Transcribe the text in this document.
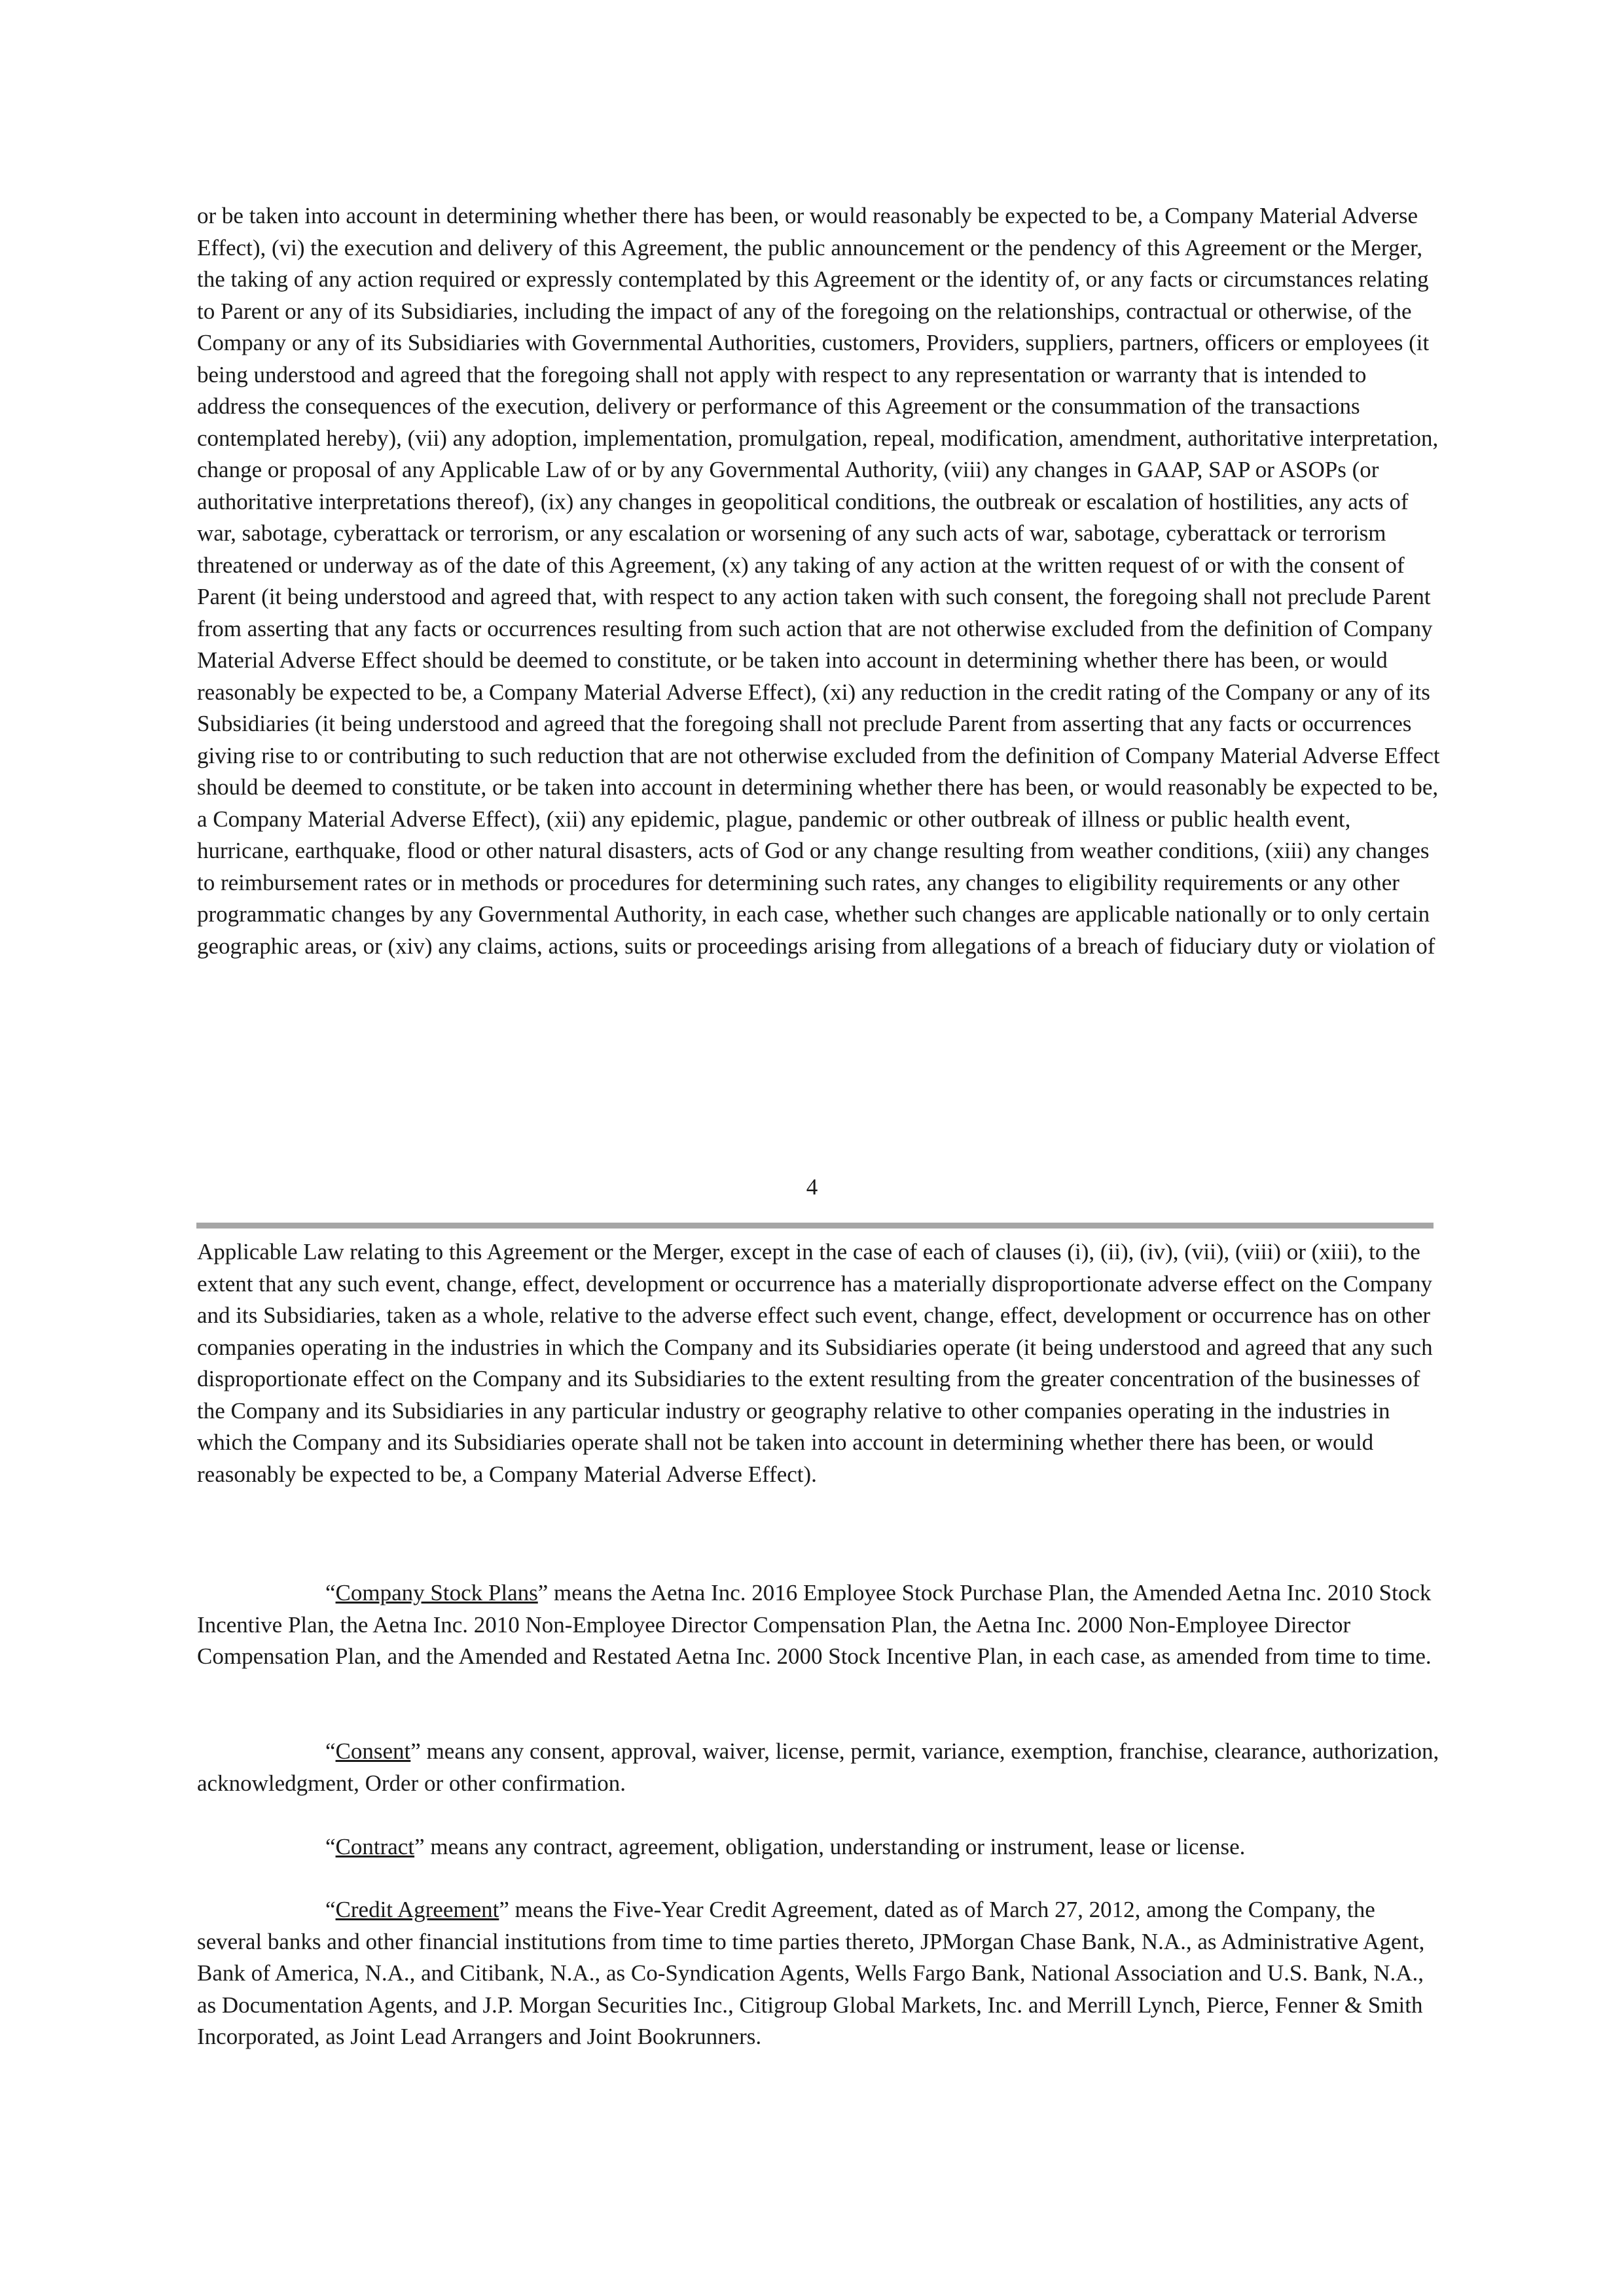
or be taken into account in determining whether there has been, or would reasonably be expected to be, a Company Material Adverse Effect), (vi) the execution and delivery of this Agreement, the public announcement or the pendency of this Agreement or the Merger, the taking of any action required or expressly contemplated by this Agreement or the identity of, or any facts or circumstances relating to Parent or any of its Subsidiaries, including the impact of any of the foregoing on the relationships, contractual or otherwise, of the Company or any of its Subsidiaries with Governmental Authorities, customers, Providers, suppliers, partners, officers or employees (it being understood and agreed that the foregoing shall not apply with respect to any representation or warranty that is intended to address the consequences of the execution, delivery or performance of this Agreement or the consummation of the transactions contemplated hereby), (vii) any adoption, implementation, promulgation, repeal, modification, amendment, authoritative interpretation, change or proposal of any Applicable Law of or by any Governmental Authority, (viii) any changes in GAAP, SAP or ASOPs (or authoritative interpretations thereof), (ix) any changes in geopolitical conditions, the outbreak or escalation of hostilities, any acts of war, sabotage, cyberattack or terrorism, or any escalation or worsening of any such acts of war, sabotage, cyberattack or terrorism threatened or underway as of the date of this Agreement, (x) any taking of any action at the written request of or with the consent of Parent (it being understood and agreed that, with respect to any action taken with such consent, the foregoing shall not preclude Parent from asserting that any facts or occurrences resulting from such action that are not otherwise excluded from the definition of Company Material Adverse Effect should be deemed to constitute, or be taken into account in determining whether there has been, or would reasonably be expected to be, a Company Material Adverse Effect), (xi) any reduction in the credit rating of the Company or any of its Subsidiaries (it being understood and agreed that the foregoing shall not preclude Parent from asserting that any facts or occurrences giving rise to or contributing to such reduction that are not otherwise excluded from the definition of Company Material Adverse Effect should be deemed to constitute, or be taken into account in determining whether there has been, or would reasonably be expected to be, a Company Material Adverse Effect), (xii) any epidemic, plague, pandemic or other outbreak of illness or public health event, hurricane, earthquake, flood or other natural disasters, acts of God or any change resulting from weather conditions, (xiii) any changes to reimbursement rates or in methods or procedures for determining such rates, any changes to eligibility requirements or any other programmatic changes by any Governmental Authority, in each case, whether such changes are applicable nationally or to only certain geographic areas, or (xiv) any claims, actions, suits or proceedings arising from allegations of a breach of fiduciary duty or violation of

4

Applicable Law relating to this Agreement or the Merger, except in the case of each of clauses (i), (ii), (iv), (vii), (viii) or (xiii), to the extent that any such event, change, effect, development or occurrence has a materially disproportionate adverse effect on the Company and its Subsidiaries, taken as a whole, relative to the adverse effect such event, change, effect, development or occurrence has on other companies operating in the industries in which the Company and its Subsidiaries operate (it being understood and agreed that any such disproportionate effect on the Company and its Subsidiaries to the extent resulting from the greater concentration of the businesses of the Company and its Subsidiaries in any particular industry or geography relative to other companies operating in the industries in which the Company and its Subsidiaries operate shall not be taken into account in determining whether there has been, or would reasonably be expected to be, a Company Material Adverse Effect).

“Company Stock Plans” means the Aetna Inc. 2016 Employee Stock Purchase Plan, the Amended Aetna Inc. 2010 Stock Incentive Plan, the Aetna Inc. 2010 Non-Employee Director Compensation Plan, the Aetna Inc. 2000 Non-Employee Director Compensation Plan, and the Amended and Restated Aetna Inc. 2000 Stock Incentive Plan, in each case, as amended from time to time.

“Consent” means any consent, approval, waiver, license, permit, variance, exemption, franchise, clearance, authorization, acknowledgment, Order or other confirmation.

“Contract” means any contract, agreement, obligation, understanding or instrument, lease or license.

“Credit Agreement” means the Five-Year Credit Agreement, dated as of March 27, 2012, among the Company, the several banks and other financial institutions from time to time parties thereto, JPMorgan Chase Bank, N.A., as Administrative Agent, Bank of America, N.A., and Citibank, N.A., as Co-Syndication Agents, Wells Fargo Bank, National Association and U.S. Bank, N.A., as Documentation Agents, and J.P. Morgan Securities Inc., Citigroup Global Markets, Inc. and Merrill Lynch, Pierce, Fenner & Smith Incorporated, as Joint Lead Arrangers and Joint Bookrunners.
